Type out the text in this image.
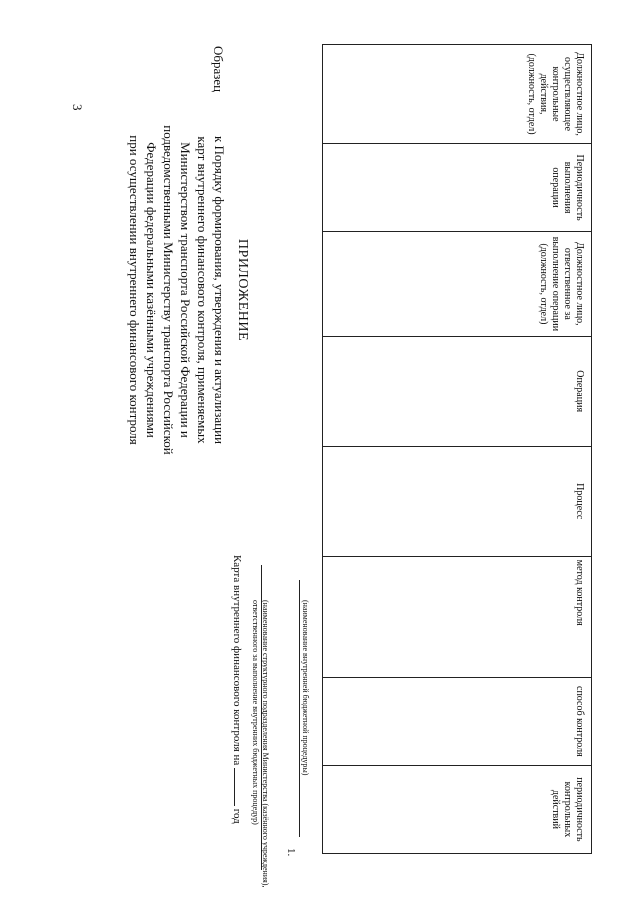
3
ПРИЛОЖЕНИЕ
к Порядку формирования, утверждения и актуализации
карт внутреннего финансового контроля, применяемых
Министерством транспорта Российской Федерации и
подведомственными Министерству транспорта Российской
Федерации федеральными казёнными учреждениями
при осуществлении внутреннего финансового контроля
Образец
Карта внутреннего финансового контроля на  год (наименование структурного подразделения Министерства (казённого учреждения),
ответственного за выполнение внутренних бюджетных процедур)
1.
(наименование внутренней бюджетной процедуры)
Должностное лицо, осуществляющее контрольные действия, (должность, отдел)	Периодичность выполнения операции	Должностное лицо, ответственное за выполнение операции (должность, отдел)	Операция	Процесс	метод контроля	способ контроля	периодичность контрольных действий
